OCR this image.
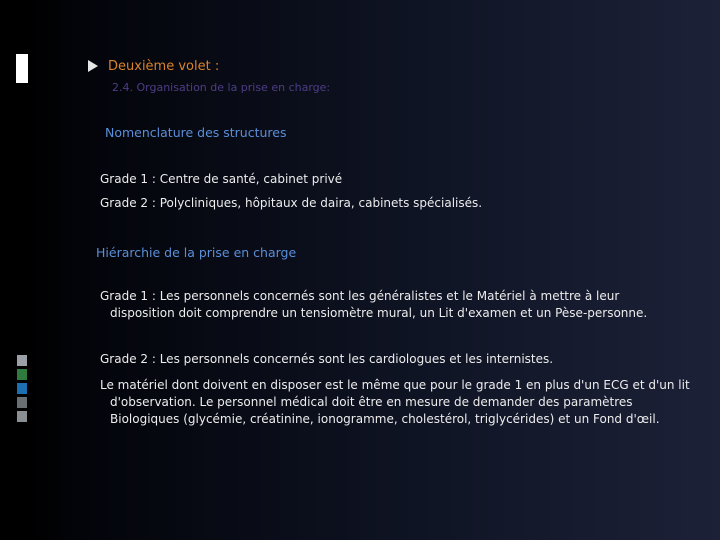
Deuxième volet :
2.4. Organisation de la prise en charge:
Nomenclature des structures
Grade 1 : Centre de santé, cabinet privé
Grade 2 : Polycliniques, hôpitaux de daira, cabinets spécialisés.
Hiérarchie de la prise en charge
Grade 1 : Les personnels concernés sont les généralistes et le Matériel à mettre à leur
disposition doit comprendre un tensiomètre mural, un Lit d'examen et un Pèse-personne.
Grade 2 : Les personnels concernés sont les cardiologues et les internistes.
Le matériel dont doivent en disposer est le même que pour le grade 1 en plus d'un ECG et d'un lit
d'observation. Le personnel médical doit être en mesure de demander des paramètres
Biologiques (glycémie, créatinine, ionogramme, cholestérol, triglycérides) et un Fond d'œil.
